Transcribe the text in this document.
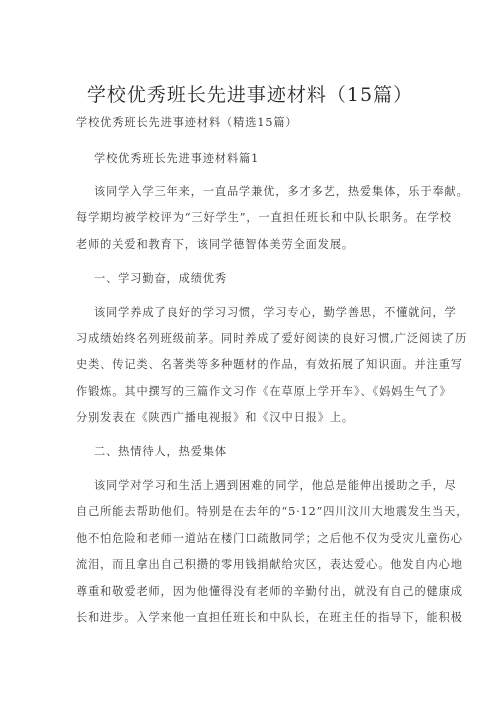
学校优秀班长先进事迹材料（15篇）
学校优秀班长先进事迹材料（精选15篇）
学校优秀班长先进事迹材料篇1
该同学入学三年来，一直品学兼优，多才多艺，热爱集体，乐于奉献。
每学期均被学校评为“三好学生”，一直担任班长和中队长职务。在学校
老师的关爱和教育下，该同学德智体美劳全面发展。
一、学习勤奋，成绩优秀
该同学养成了良好的学习习惯，学习专心，勤学善思，不懂就问，学
习成绩始终名列班级前茅。同时养成了爱好阅读的良好习惯,广泛阅读了历
史类、传记类、名著类等多种题材的作品，有效拓展了知识面。并注重写
作锻炼。其中撰写的三篇作文习作《在草原上学开车》、《妈妈生气了》
分别发表在《陕西广播电视报》和《汉中日报》上。
二、热情待人，热爱集体
该同学对学习和生活上遇到困难的同学，他总是能伸出援助之手，尽
自己所能去帮助他们。特别是在去年的“5·12”四川汶川大地震发生当天，
他不怕危险和老师一道站在楼门口疏散同学；之后他不仅为受灾儿童伤心
流泪，而且拿出自己积攒的零用钱捐献给灾区，表达爱心。他发自内心地
尊重和敬爱老师，因为他懂得没有老师的辛勤付出，就没有自己的健康成
长和进步。入学来他一直担任班长和中队长，在班主任的指导下，能积极
